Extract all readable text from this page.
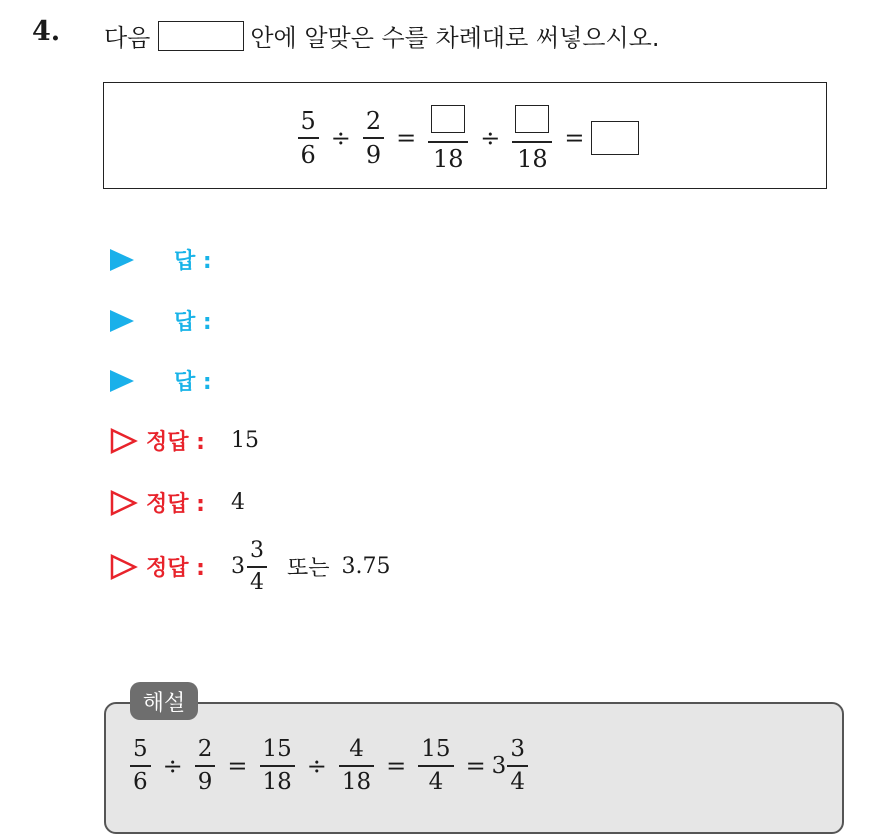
4. 다음	안에 알맞은 수를 차례대로 써넣으시오.
$\frac{5}{6} \div \frac{2}{9}$ =
18
÷
18
=
답 :
답 :
답 :
정답 : 15
정답 : 4
정답 : $3 \frac{3}{4}$ 또는 3.75
해설
$\frac{5}{6} \div \frac{2}{9} = \frac{15}{18} \div \frac{4}{18} = \frac{15}{4} = 3 \frac{3}{4}$
